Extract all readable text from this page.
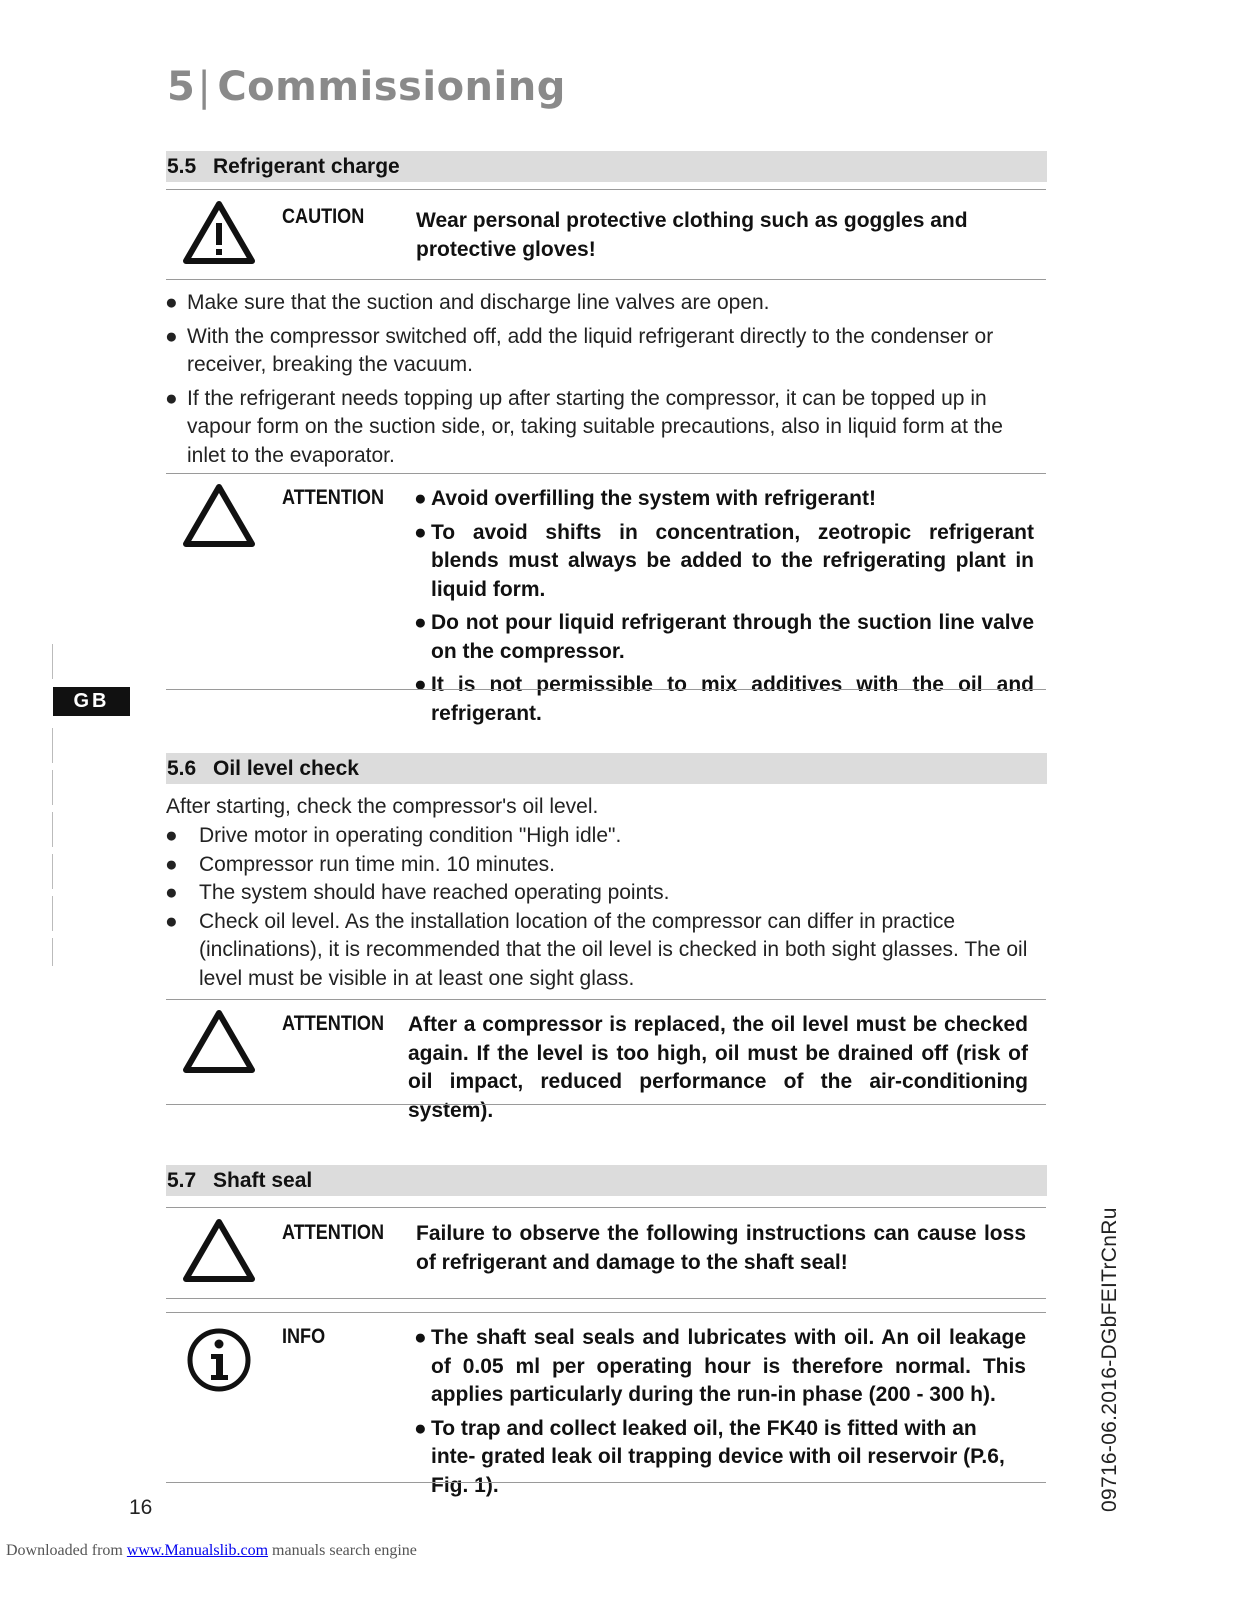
5| Commissioning
5.5 Refrigerant charge
CAUTION Wear personal protective clothing such as goggles and protective gloves!
● Make sure that the suction and discharge line valves are open.
● With the compressor switched off, add the liquid refrigerant directly to the condenser or receiver, breaking the vacuum.
● If the refrigerant needs topping up after starting the compressor, it can be topped up in vapour form on the suction side, or, taking suitable precautions, also in liquid form at the inlet to the evaporator.
ATTENTION ● Avoid overfilling the system with refrigerant!
● To avoid shifts in concentration, zeotropic refrigerant blends must always be added to the refrigerating plant in liquid form.
● Do not pour liquid refrigerant through the suction line valve on the compressor.
● It is not permissible to mix additives with the oil and refrigerant.
GB
5.6 Oil level check
After starting, check the compressor's oil level.
● Drive motor in operating condition "High idle".
● Compressor run time min. 10 minutes.
● The system should have reached operating points.
● Check oil level. As the installation location of the compressor can differ in practice (inclinations), it is recommended that the oil level is checked in both sight glasses. The oil level must be visible in at least one sight glass.
ATTENTION After a compressor is replaced, the oil level must be checked again. If the level is too high, oil must be drained off (risk of oil impact, reduced performance of the air-conditioning system).
5.7 Shaft seal
ATTENTION Failure to observe the following instructions can cause loss of refrigerant and damage to the shaft seal!
INFO	● The shaft seal seals and lubricates with oil. An oil leakage of 0.05 ml per operating hour is therefore normal. This applies particularly during the run-in phase (200 - 300 h).
● To trap and collect leaked oil, the FK40 is fitted with an inte- grated leak oil trapping device with oil reservoir (P.6, Fig. 1).	09716-06.2016-DGbFEITrCnRu
16
Downloaded from www.Manualslib.com manuals search engine
